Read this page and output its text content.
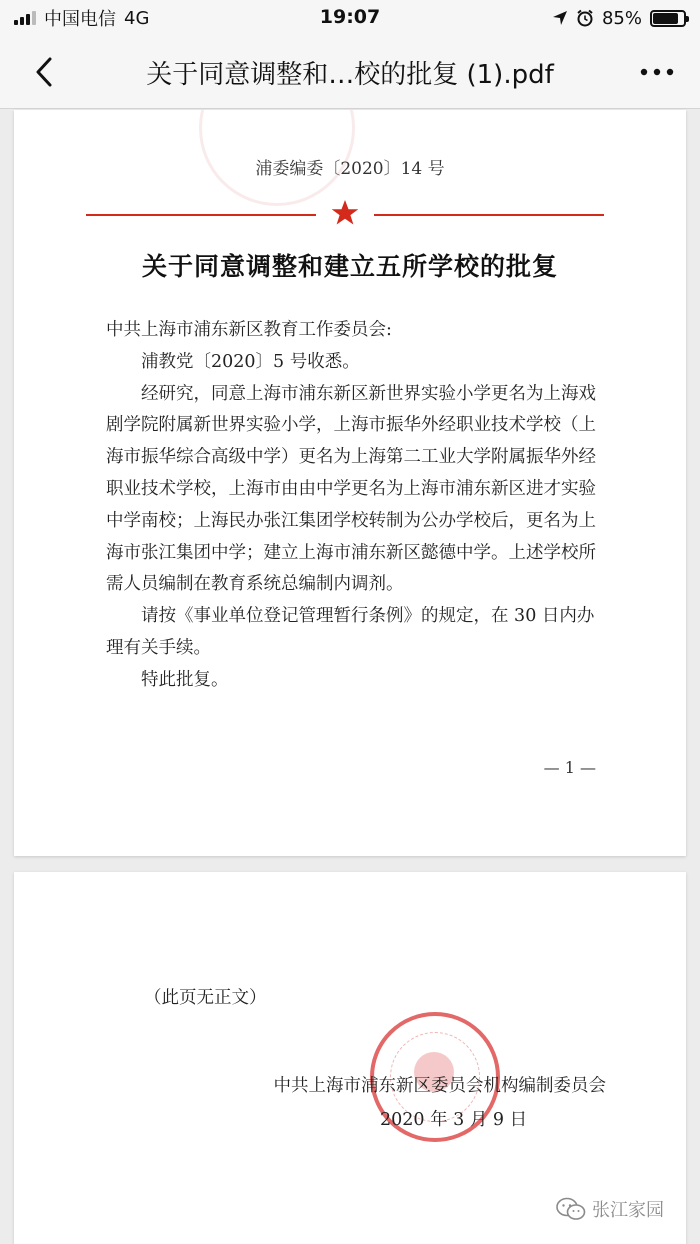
中国电信 4G	19:07	85%
关于同意调整和…校的批复 (1).pdf
浦委编委〔2020〕14 号
关于同意调整和建立五所学校的批复

中共上海市浦东新区教育工作委员会:

浦教党〔2020〕5 号收悉。

经研究，同意上海市浦东新区新世界实验小学更名为上海戏剧学院附属新世界实验小学，上海市振华外经职业技术学校（上海市振华综合高级中学）更名为上海第二工业大学附属振华外经职业技术学校，上海市由由中学更名为上海市浦东新区进才实验中学南校；上海民办张江集团学校转制为公办学校后，更名为上海市张江集团中学；建立上海市浦东新区懿德中学。上述学校所需人员编制在教育系统总编制内调剂。

请按《事业单位登记管理暂行条例》的规定，在 30 日内办理有关手续。

特此批复。

— 1 —
（此页无正文）
中共上海市浦东新区委员会机构编制委员会
2020 年 3 月 9 日
张江家园
